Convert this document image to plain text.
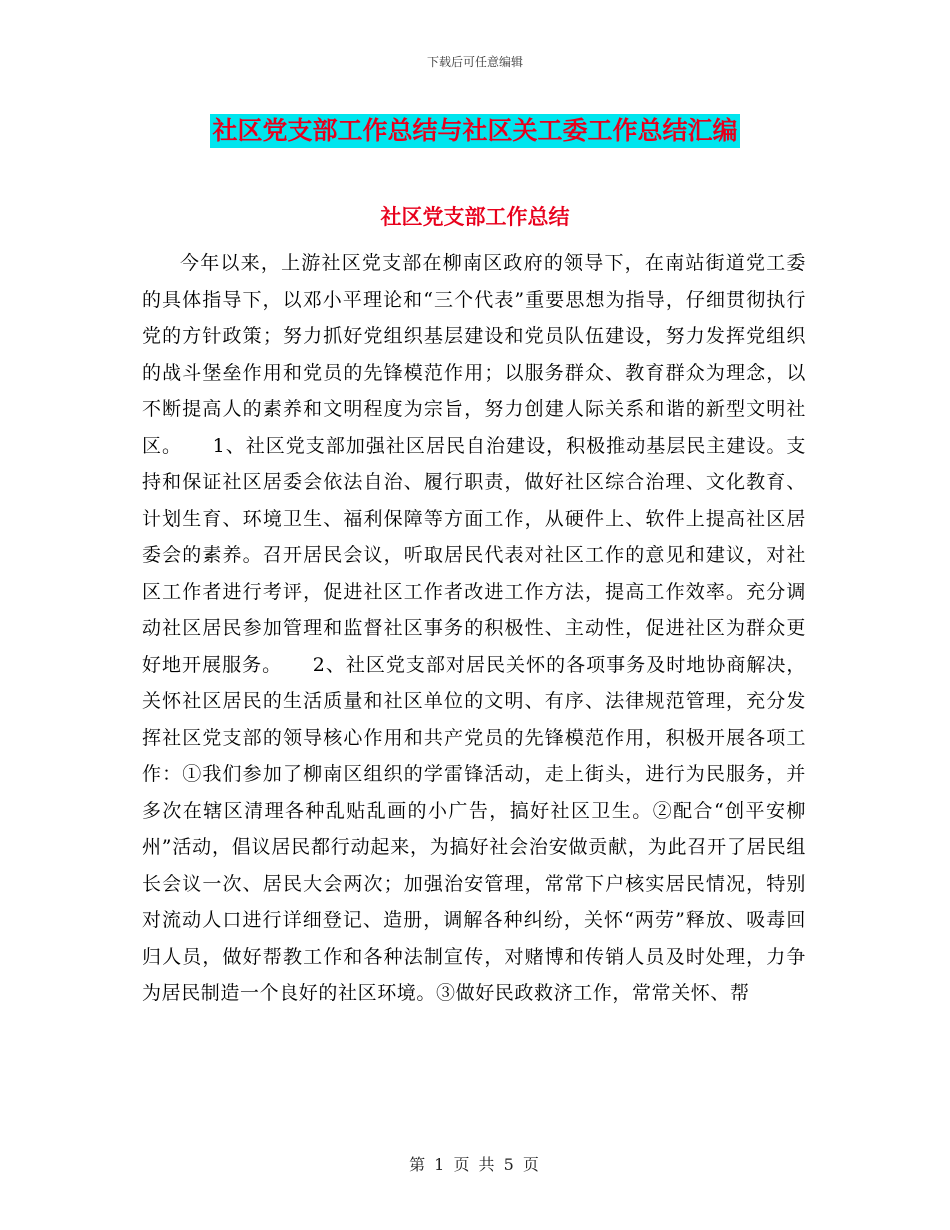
下载后可任意编辑
社区党支部工作总结与社区关工委工作总结汇编
社区党支部工作总结

今年以来，上游社区党支部在柳南区政府的领导下，在南站街道党工委的具体指导下，以邓小平理论和“三个代表”重要思想为指导，仔细贯彻执行党的方针政策；努力抓好党组织基层建设和党员队伍建设，努力发挥党组织的战斗堡垒作用和党员的先锋模范作用；以服务群众、教育群众为理念，以不断提高人的素养和文明程度为宗旨，努力创建人际关系和谐的新型文明社区。　　1、社区党支部加强社区居民自治建设，积极推动基层民主建设。支持和保证社区居委会依法自治、履行职责，做好社区综合治理、文化教育、计划生育、环境卫生、福利保障等方面工作，从硬件上、软件上提高社区居委会的素养。召开居民会议，听取居民代表对社区工作的意见和建议，对社区工作者进行考评，促进社区工作者改进工作方法，提高工作效率。充分调动社区居民参加管理和监督社区事务的积极性、主动性，促进社区为群众更好地开展服务。　　2、社区党支部对居民关怀的各项事务及时地协商解决，关怀社区居民的生活质量和社区单位的文明、有序、法律规范管理，充分发挥社区党支部的领导核心作用和共产党员的先锋模范作用，积极开展各项工作：①我们参加了柳南区组织的学雷锋活动，走上街头，进行为民服务，并多次在辖区清理各种乱贴乱画的小广告，搞好社区卫生。②配合“创平安柳州”活动，倡议居民都行动起来，为搞好社会治安做贡献，为此召开了居民组长会议一次、居民大会两次；加强治安管理，常常下户核实居民情况，特别对流动人口进行详细登记、造册，调解各种纠纷，关怀“两劳”释放、吸毒回归人员，做好帮教工作和各种法制宣传，对赌博和传销人员及时处理，力争为居民制造一个良好的社区环境。③做好民政救济工作，常常关怀、帮

第 1 页 共 5 页
